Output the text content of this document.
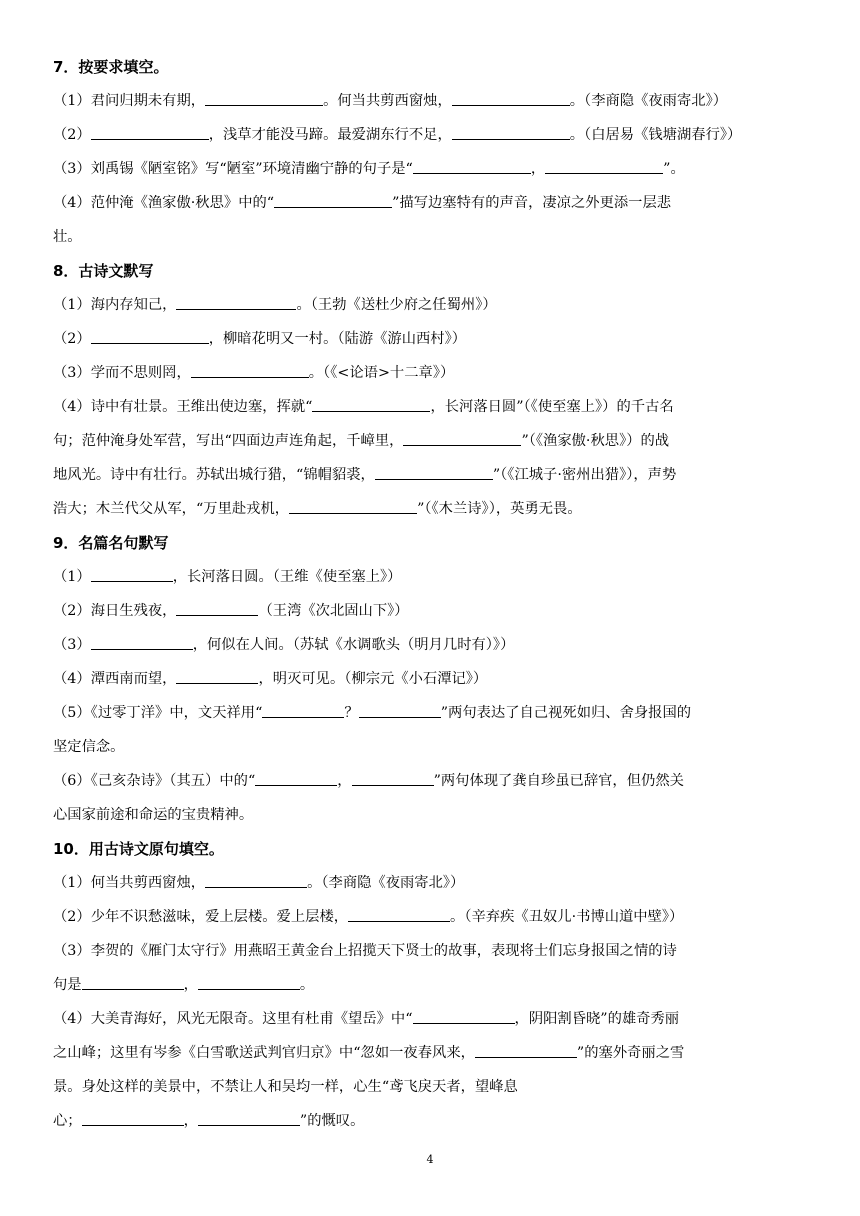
7．按要求填空。
（1）君问归期未有期，	。何当共剪西窗烛，	。（李商隐《夜雨寄北》）
（2）	，浅草才能没马蹄。最爱湖东行不足，	。（白居易《钱塘湖春行》）
（3）刘禹锡《陋室铭》写“陋室”环境清幽宁静的句子是“	，	”。
（4）范仲淹《渔家傲·秋思》中的“	”描写边塞特有的声音，凄凉之外更添一层悲
壮。
8．古诗文默写
（1）海内存知己，	。（王勃《送杜少府之任蜀州》）
（2）	，柳暗花明又一村。（陆游《游山西村》）
（3）学而不思则罔，	。（《<论语>十二章》）
（4）诗中有壮景。王维出使边塞，挥就“	，长河落日圆”（《使至塞上》）的千古名
句；范仲淹身处军营，写出“四面边声连角起，千嶂里，	”（《渔家傲·秋思》）的战
地风光。诗中有壮行。苏轼出城行猎，“锦帽貂裘，	”（《江城子·密州出猎》），声势
浩大；木兰代父从军，“万里赴戎机，	”（《木兰诗》），英勇无畏。
9．名篇名句默写
（1）	，长河落日圆。（王维《使至塞上》）
（2）海日生残夜，	（王湾《次北固山下》）
（3）	，何似在人间。（苏轼《水调歌头（明月几时有）》）
（4）潭西南而望，	，明灭可见。（柳宗元《小石潭记》）
（5）《过零丁洋》中，文天祥用“	？	”两句表达了自己视死如归、舍身报国的
坚定信念。
（6）《己亥杂诗》（其五）中的“	，	”两句体现了龚自珍虽已辞官，但仍然关
心国家前途和命运的宝贵精神。
10．用古诗文原句填空。
（1）何当共剪西窗烛，	。（李商隐《夜雨寄北》）
（2）少年不识愁滋味，爱上层楼。爱上层楼，	。（辛弃疾《丑奴儿·书博山道中壁》）
（3）李贺的《雁门太守行》用燕昭王黄金台上招揽天下贤士的故事，表现将士们忘身报国之情的诗
句是	，	。
（4）大美青海好，风光无限奇。这里有杜甫《望岳》中“	，阴阳割昏晓”的雄奇秀丽
之山峰；这里有岑参《白雪歌送武判官归京》中“忽如一夜春风来，	”的塞外奇丽之雪
景。身处这样的美景中，不禁让人和吴均一样，心生“鸢飞戾天者，望峰息
心；	，	”的慨叹。
4
